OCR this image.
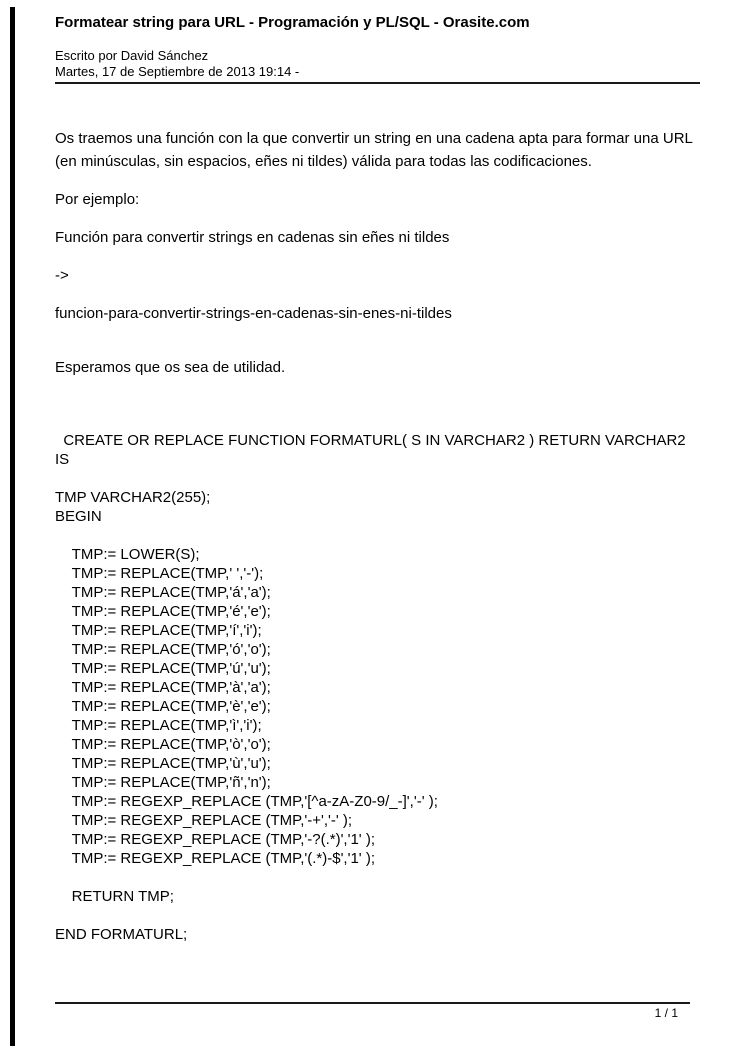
Formatear string para URL - Programación y PL/SQL - Orasite.com
Escrito por David Sánchez
Martes, 17 de Septiembre de 2013 19:14 -
Os traemos una función con la que convertir un string en una cadena apta para formar una URL (en minúsculas, sin espacios, eñes ni tildes) válida para todas las codificaciones.
Por ejemplo:
Función para convertir strings en cadenas sin eñes ni tildes
->
funcion-para-convertir-strings-en-cadenas-sin-enes-ni-tildes
Esperamos que os sea de utilidad.
CREATE OR REPLACE FUNCTION FORMATURL( S IN VARCHAR2 ) RETURN VARCHAR2
IS
TMP VARCHAR2(255);
BEGIN
TMP:= LOWER(S);
TMP:= REPLACE(TMP,' ','-');
TMP:= REPLACE(TMP,'á','a');
TMP:= REPLACE(TMP,'é','e');
TMP:= REPLACE(TMP,'í','i');
TMP:= REPLACE(TMP,'ó','o');
TMP:= REPLACE(TMP,'ú','u');
TMP:= REPLACE(TMP,'à','a');
TMP:= REPLACE(TMP,'è','e');
TMP:= REPLACE(TMP,'ì','i');
TMP:= REPLACE(TMP,'ò','o');
TMP:= REPLACE(TMP,'ù','u');
TMP:= REPLACE(TMP,'ñ','n');
TMP:= REGEXP_REPLACE (TMP,'[^a-zA-Z0-9/_-]','-' );
TMP:= REGEXP_REPLACE (TMP,'-+','-' );
TMP:= REGEXP_REPLACE (TMP,'-?(.*)','1' );
TMP:= REGEXP_REPLACE (TMP,'(.*)-$','1' );
RETURN TMP;
END FORMATURL;
1 / 1
